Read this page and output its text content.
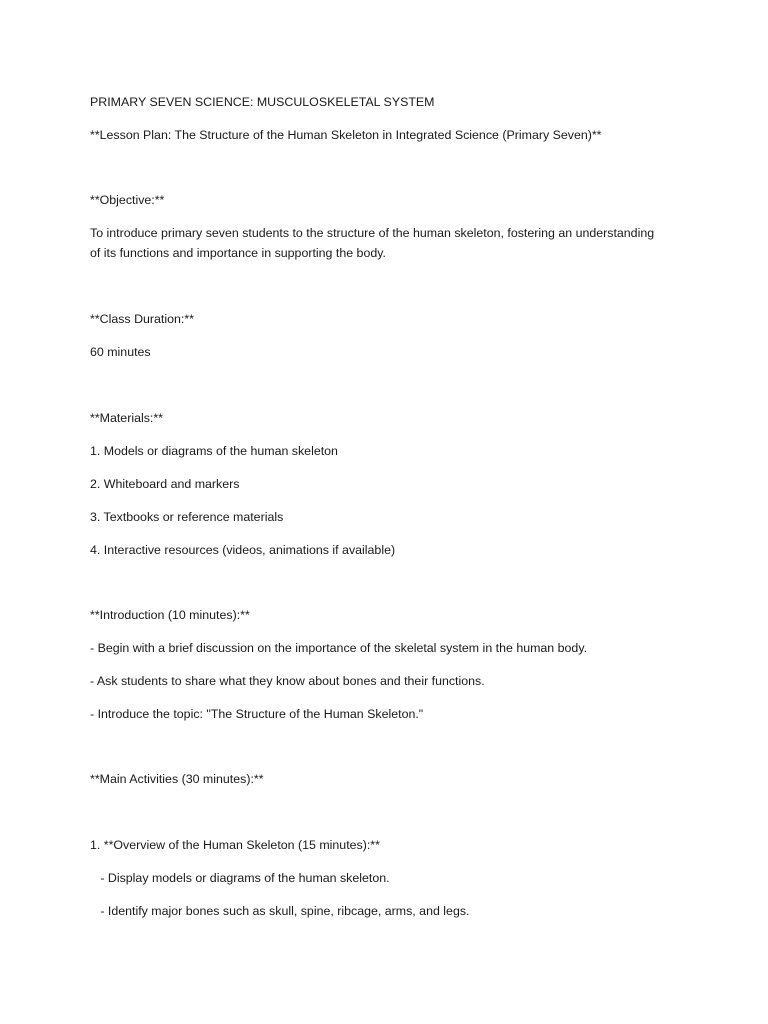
PRIMARY SEVEN SCIENCE: MUSCULOSKELETAL SYSTEM
**Lesson Plan: The Structure of the Human Skeleton in Integrated Science (Primary Seven)**
**Objective:**
To introduce primary seven students to the structure of the human skeleton, fostering an understanding
of its functions and importance in supporting the body.
**Class Duration:**
60 minutes
**Materials:**
1. Models or diagrams of the human skeleton
2. Whiteboard and markers
3. Textbooks or reference materials
4. Interactive resources (videos, animations if available)
**Introduction (10 minutes):**
- Begin with a brief discussion on the importance of the skeletal system in the human body.
- Ask students to share what they know about bones and their functions.
- Introduce the topic: "The Structure of the Human Skeleton."
**Main Activities (30 minutes):**
1. **Overview of the Human Skeleton (15 minutes):**
- Display models or diagrams of the human skeleton.
- Identify major bones such as skull, spine, ribcage, arms, and legs.
